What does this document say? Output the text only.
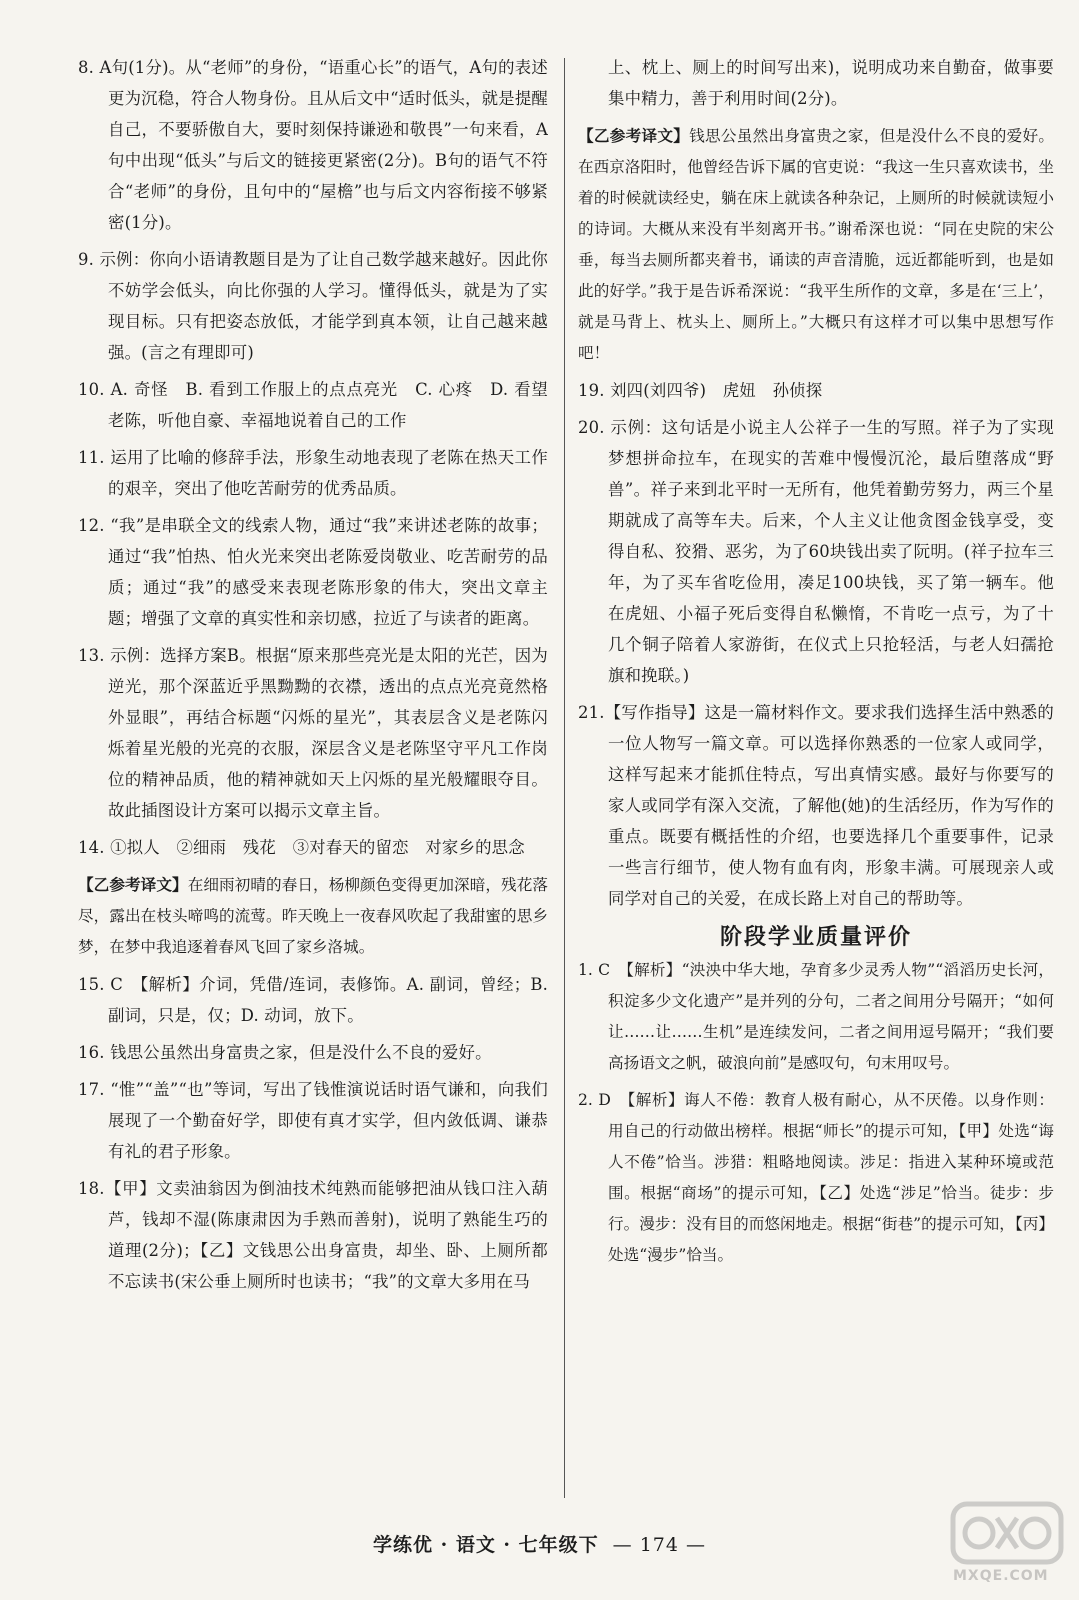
8. A句(1分)。从“老师”的身份，“语重心长”的语气，A句的表述更为沉稳，符合人物身份。且从后文中“适时低头，就是提醒自己，不要骄傲自大，要时刻保持谦逊和敬畏”一句来看，A句中出现“低头”与后文的链接更紧密(2分)。B句的语气不符合“老师”的身份，且句中的“屋檐”也与后文内容衔接不够紧密(1分)。

9. 示例：你向小语请教题目是为了让自己数学越来越好。因此你不妨学会低头，向比你强的人学习。懂得低头，就是为了实现目标。只有把姿态放低，才能学到真本领，让自己越来越强。(言之有理即可)

10. A. 奇怪　B. 看到工作服上的点点亮光　C. 心疼　D. 看望老陈，听他自豪、幸福地说着自己的工作

11. 运用了比喻的修辞手法，形象生动地表现了老陈在热天工作的艰辛，突出了他吃苦耐劳的优秀品质。

12. “我”是串联全文的线索人物，通过“我”来讲述老陈的故事；通过“我”怕热、怕火光来突出老陈爱岗敬业、吃苦耐劳的品质；通过“我”的感受来表现老陈形象的伟大，突出文章主题；增强了文章的真实性和亲切感，拉近了与读者的距离。

13. 示例：选择方案B。根据“原来那些亮光是太阳的光芒，因为逆光，那个深蓝近乎黑黝黝的衣襟，透出的点点光亮竟然格外显眼”，再结合标题“闪烁的星光”，其表层含义是老陈闪烁着星光般的光亮的衣服，深层含义是老陈坚守平凡工作岗位的精神品质，他的精神就如天上闪烁的星光般耀眼夺目。故此插图设计方案可以揭示文章主旨。

14. ①拟人　②细雨　残花　③对春天的留恋　对家乡的思念

【乙参考译文】在细雨初晴的春日，杨柳颜色变得更加深暗，残花落尽，露出在枝头啼鸣的流莺。昨天晚上一夜春风吹起了我甜蜜的思乡梦，在梦中我追逐着春风飞回了家乡洛城。

15. C　【解析】介词，凭借/连词，表修饰。A. 副词，曾经；B. 副词，只是，仅；D. 动词，放下。

16. 钱思公虽然出身富贵之家，但是没什么不良的爱好。

17. “惟”“盖”“也”等词，写出了钱惟演说话时语气谦和，向我们展现了一个勤奋好学，即使有真才实学，但内敛低调、谦恭有礼的君子形象。

18.【甲】文卖油翁因为倒油技术纯熟而能够把油从钱口注入葫芦，钱却不湿(陈康肃因为手熟而善射)，说明了熟能生巧的道理(2分)；【乙】文钱思公出身富贵，却坐、卧、上厕所都不忘读书(宋公垂上厕所时也读书；“我”的文章大多用在马

上、枕上、厕上的时间写出来)，说明成功来自勤奋，做事要集中精力，善于利用时间(2分)。

【乙参考译文】钱思公虽然出身富贵之家，但是没什么不良的爱好。在西京洛阳时，他曾经告诉下属的官吏说：“我这一生只喜欢读书，坐着的时候就读经史，躺在床上就读各种杂记，上厕所的时候就读短小的诗词。大概从来没有半刻离开书。”谢希深也说：“同在史院的宋公垂，每当去厕所都夹着书，诵读的声音清脆，远近都能听到，也是如此的好学。”我于是告诉希深说：“我平生所作的文章，多是在‘三上’，就是马背上、枕头上、厕所上。”大概只有这样才可以集中思想写作吧！

19. 刘四(刘四爷)　虎妞　孙侦探

20. 示例：这句话是小说主人公祥子一生的写照。祥子为了实现梦想拼命拉车，在现实的苦难中慢慢沉沦，最后堕落成“野兽”。祥子来到北平时一无所有，他凭着勤劳努力，两三个星期就成了高等车夫。后来，个人主义让他贪图金钱享受，变得自私、狡猾、恶劣，为了60块钱出卖了阮明。(祥子拉车三年，为了买车省吃俭用，凑足100块钱，买了第一辆车。他在虎妞、小福子死后变得自私懒惰，不肯吃一点亏，为了十几个铜子陪着人家游街，在仪式上只抢轻活，与老人妇孺抢旗和挽联。)

21.【写作指导】这是一篇材料作文。要求我们选择生活中熟悉的一位人物写一篇文章。可以选择你熟悉的一位家人或同学，这样写起来才能抓住特点，写出真情实感。最好与你要写的家人或同学有深入交流，了解他(她)的生活经历，作为写作的重点。既要有概括性的介绍，也要选择几个重要事件，记录一些言行细节，使人物有血有肉，形象丰满。可展现亲人或同学对自己的关爱，在成长路上对自己的帮助等。

阶段学业质量评价

1. C　【解析】“泱泱中华大地，孕育多少灵秀人物”“滔滔历史长河，积淀多少文化遗产”是并列的分句，二者之间用分号隔开；“如何让……让……生机”是连续发问，二者之间用逗号隔开；“我们要高扬语文之帆，破浪向前”是感叹句，句末用叹号。

2. D　【解析】诲人不倦：教育人极有耐心，从不厌倦。以身作则：用自己的行动做出榜样。根据“师长”的提示可知，【甲】处选“诲人不倦”恰当。涉猎：粗略地阅读。涉足：指进入某种环境或范围。根据“商场”的提示可知，【乙】处选“涉足”恰当。徒步：步行。漫步：没有目的而悠闲地走。根据“街巷”的提示可知，【丙】处选“漫步”恰当。

学练优 · 语文 · 七年级下 — 174 —
MXQE.COM
